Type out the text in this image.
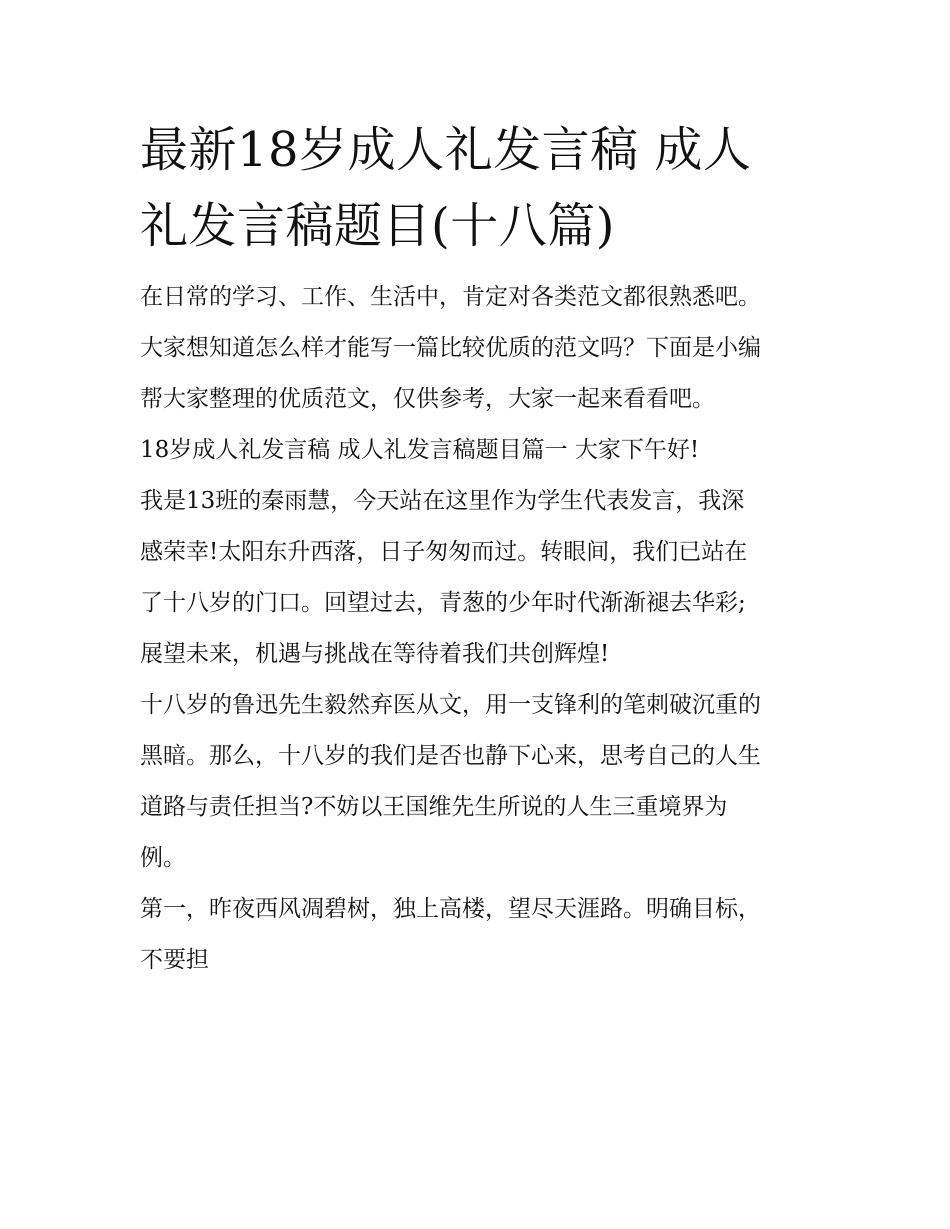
最新18岁成人礼发言稿 成人
礼发言稿题目(十八篇)

在日常的学习、工作、生活中，肯定对各类范文都很熟悉吧。
大家想知道怎么样才能写一篇比较优质的范文吗？下面是小编
帮大家整理的优质范文，仅供参考，大家一起来看看吧。

18岁成人礼发言稿 成人礼发言稿题目篇一 大家下午好!

我是13班的秦雨慧，今天站在这里作为学生代表发言，我深
感荣幸!太阳东升西落，日子匆匆而过。转眼间，我们已站在
了十八岁的门口。回望过去，青葱的少年时代渐渐褪去华彩;
展望未来，机遇与挑战在等待着我们共创辉煌!

十八岁的鲁迅先生毅然弃医从文，用一支锋利的笔刺破沉重的
黑暗。那么，十八岁的我们是否也静下心来，思考自己的人生
道路与责任担当?不妨以王国维先生所说的人生三重境界为
例。

第一，昨夜西风凋碧树，独上高楼，望尽天涯路。明确目标，
不要担
